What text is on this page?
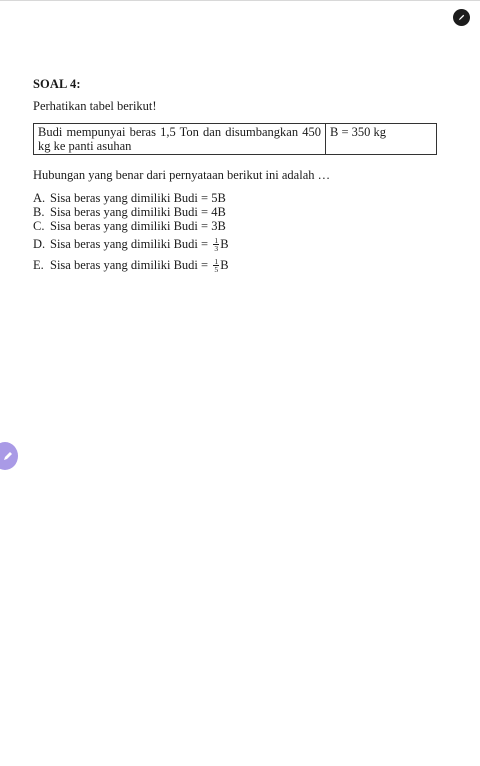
SOAL 4:
Perhatikan tabel berikut!
Budi mempunyai beras 1,5 Ton dan disumbangkan 450 kg ke panti asuhan	B = 350 kg
Hubungan yang benar dari pernyataan berikut ini adalah …
A. Sisa beras yang dimiliki Budi = 5B
B. Sisa beras yang dimiliki Budi = 4B
C. Sisa beras yang dimiliki Budi = 3B
D. Sisa beras yang dimiliki Budi = $\frac{1}{3}$ B
E. Sisa beras yang dimiliki Budi = $\frac{1}{5}$ B
